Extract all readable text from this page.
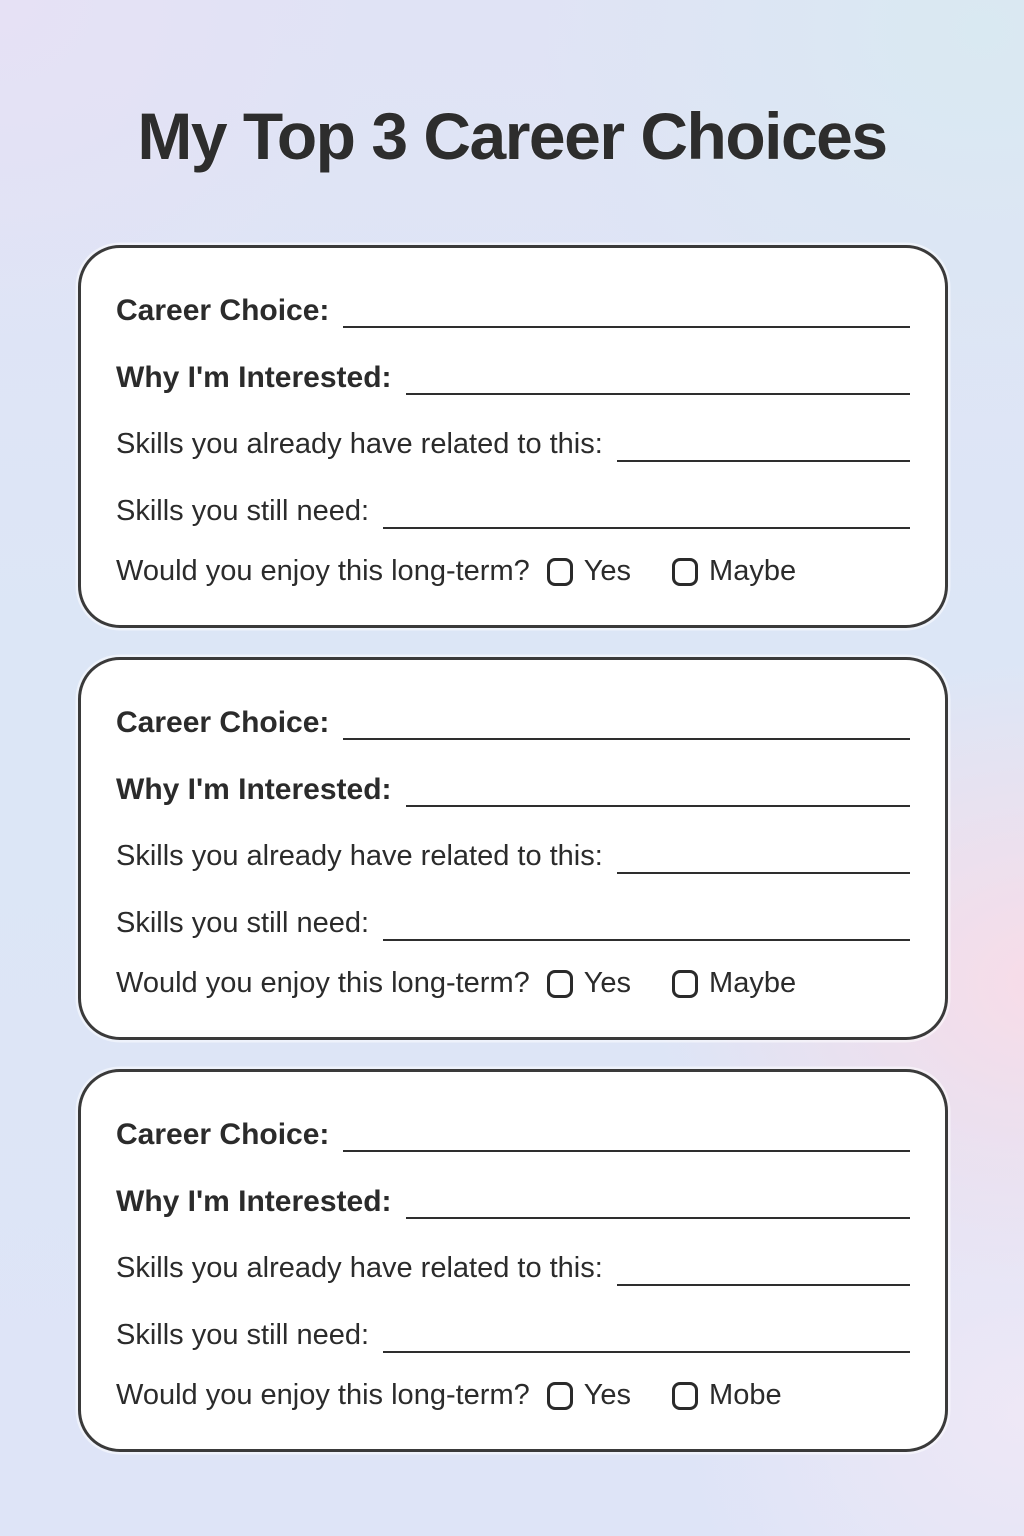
My Top 3 Career Choices
Career Choice:
Why I'm Interested:
Skills you already have related to this:
Skills you still need:
Would you enjoy this long-term? Yes	Maybe
Career Choice:
Why I'm Interested:
Skills you already have related to this:
Skills you still need:
Would you enjoy this long-term? Yes	Maybe
Career Choice:
Why I'm Interested:
Skills you already have related to this:
Skills you still need:
Would you enjoy this long-term? Yes	Mobe
